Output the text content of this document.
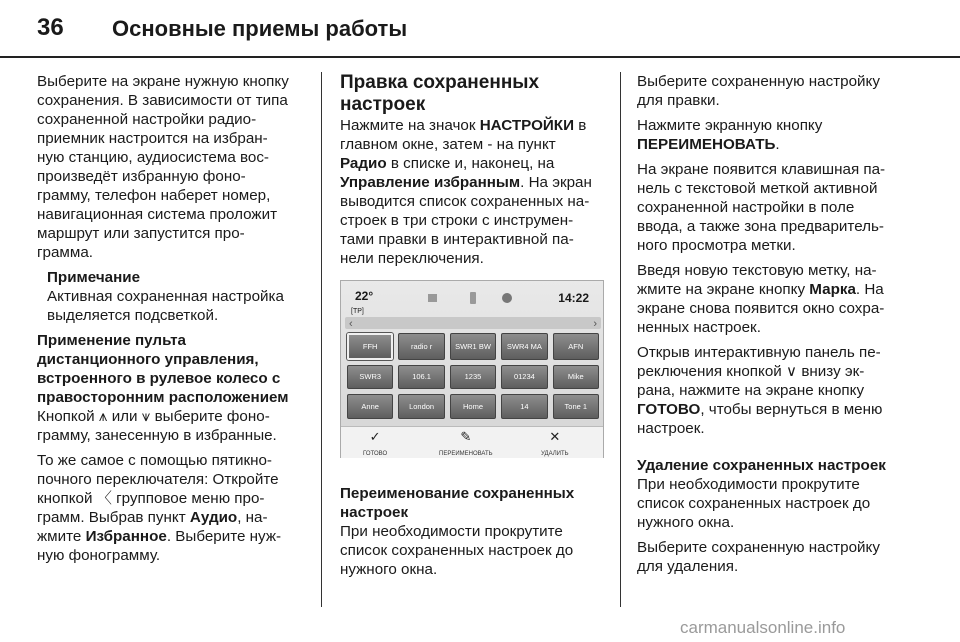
36 Основные приемы работы

Выберите на экране нужную кнопку
сохранения. В зависимости от типа
сохраненной настройки радио-
приемник настроится на избран-
ную станцию, аудиосистема вос-
произведёт избранную фоно-
грамму, телефон наберет номер,
навигационная система проложит
маршрут или запустится про-
грамма.

Примечание
Активная сохраненная настройка
выделяется подсветкой.
Применение пульта
дистанционного управления,
встроенного в рулевое колесо с
правосторонним расположением

Кнопкой ⩚ или ⩛ выберите фоно-
грамму, занесенную в избранные.

То же самое с помощью пятикно-
почного переключателя: Откройте
кнопкой 〈 групповое меню про-
грамм. Выбрав пункт Аудио, на-
жмите Избранное. Выберите нуж-
ную фонограмму.

Правка сохраненных настроек

Нажмите на значок НАСТРОЙКИ в
главном окне, затем - на пункт
Радио в списке и, наконец, на
Управление избранным. На экран
выводится список сохраненных на-
строек в три строки с инструмен-
тами правки в интерактивной па-
нели переключения.

22°
[TP]
14:22
‹	›
FFH	radio r	SWR1 BW	SWR4 MA	AFN
SWR3	106.1	1235	01234	Mike
Anne	London	Home	14	Tone 1
✓
ГОТОВО
✎
ПЕРЕИМЕНОВАТЬ
✕
УДАЛИТЬ
Переименование сохраненных
настроек

При необходимости прокрутите
список сохраненных настроек до
нужного окна.

Выберите сохраненную настройку
для правки.

Нажмите экранную кнопку
ПЕРЕИМЕНОВАТЬ.

На экране появится клавишная па-
нель с текстовой меткой активной
сохраненной настройки в поле
ввода, а также зона предваритель-
ного просмотра метки.

Введя новую текстовую метку, на-
жмите на экране кнопку Марка. На
экране снова появится окно сохра-
ненных настроек.

Открыв интерактивную панель пе-
реключения кнопкой ∨ внизу эк-
рана, нажмите на экране кнопку
ГОТОВО, чтобы вернуться в меню
настроек.

Удаление сохраненных настроек

При необходимости прокрутите
список сохраненных настроек до
нужного окна.

Выберите сохраненную настройку
для удаления.

carmanualsonline.info
